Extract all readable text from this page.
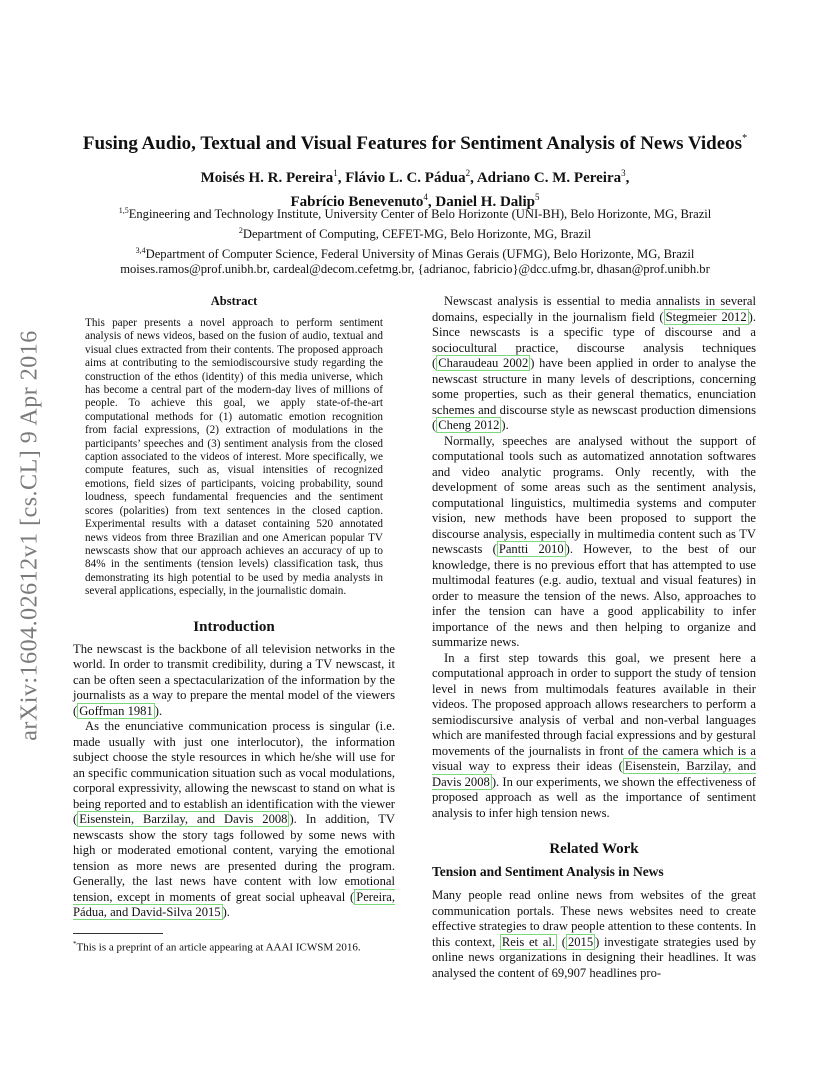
arXiv:1604.02612v1 [cs.CL] 9 Apr 2016
Fusing Audio, Textual and Visual Features for Sentiment Analysis of News Videos*
Moisés H. R. Pereira$^1$, Flávio L. C. Pádua$^2$, Adriano C. M. Pereira$^3$,
Fabrício Benevenuto$^4$, Daniel H. Dalip$^5$
$^{1,5}$Engineering and Technology Institute, University Center of Belo Horizonte (UNI-BH), Belo Horizonte, MG, Brazil
$^2$Department of Computing, CEFET-MG, Belo Horizonte, MG, Brazil
$^{3,4}$Department of Computer Science, Federal University of Minas Gerais (UFMG), Belo Horizonte, MG, Brazil
moises.ramos@prof.unibh.br, cardeal@decom.cefetmg.br, {adrianoc, fabricio}@dcc.ufmg.br, dhasan@prof.unibh.br
Abstract

This paper presents a novel approach to perform sentiment analysis of news videos, based on the fusion of audio, textual and visual clues extracted from their contents. The proposed approach aims at contributing to the semiodiscoursive study regarding the construction of the ethos (identity) of this media universe, which has become a central part of the modern-day lives of millions of people. To achieve this goal, we apply state-of-the-art computational methods for (1) automatic emotion recognition from facial expressions, (2) extraction of modulations in the participants’ speeches and (3) sentiment analysis from the closed caption associated to the videos of interest. More specifically, we compute features, such as, visual intensities of recognized emotions, field sizes of participants, voicing probability, sound loudness, speech fundamental frequencies and the sentiment scores (polarities) from text sentences in the closed caption. Experimental results with a dataset containing 520 annotated news videos from three Brazilian and one American popular TV newscasts show that our approach achieves an accuracy of up to 84% in the sentiments (tension levels) classification task, thus demonstrating its high potential to be used by media analysts in several applications, especially, in the journalistic domain.

Introduction

The newscast is the backbone of all television networks in the world. In order to transmit credibility, during a TV newscast, it can be often seen a spectacularization of the information by the journalists as a way to prepare the mental model of the viewers ( Goffman 1981 ).

As the enunciative communication process is singular (i.e. made usually with just one interlocutor), the information subject choose the style resources in which he/she will use for an specific communication situation such as vocal modulations, corporal expressivity, allowing the newscast to stand on what is being reported and to establish an identification with the viewer ( Eisenstein, Barzilay, and Davis 2008 ). In addition, TV newscasts show the story tags followed by some news with high or moderated emotional content, varying the emotional tension as more news are presented during the program. Generally, the last news have content with low emotional tension, except in moments of great social upheaval ( Pereira, Pádua, and David-Silva 2015 ).

*This is a preprint of an article appearing at AAAI ICWSM 2016.

Newscast analysis is essential to media annalists in several domains, especially in the journalism field ( Stegmeier 2012 ). Since newscasts is a specific type of discourse and a sociocultural practice, discourse analysis techniques ( Charaudeau 2002 ) have been applied in order to analyse the newscast structure in many levels of descriptions, concerning some properties, such as their general thematics, enunciation schemes and discourse style as newscast production dimensions ( Cheng 2012 ).

Normally, speeches are analysed without the support of computational tools such as automatized annotation softwares and video analytic programs. Only recently, with the development of some areas such as the sentiment analysis, computational linguistics, multimedia systems and computer vision, new methods have been proposed to support the discourse analysis, especially in multimedia content such as TV newscasts ( Pantti 2010 ). However, to the best of our knowledge, there is no previous effort that has attempted to use multimodal features (e.g. audio, textual and visual features) in order to measure the tension of the news. Also, approaches to infer the tension can have a good applicability to infer importance of the news and then helping to organize and summarize news.

In a first step towards this goal, we present here a computational approach in order to support the study of tension level in news from multimodals features available in their videos. The proposed approach allows researchers to perform a semiodiscursive analysis of verbal and non-verbal languages which are manifested through facial expressions and by gestural movements of the journalists in front of the camera which is a visual way to express their ideas ( Eisenstein, Barzilay, and Davis 2008 ). In our experiments, we shown the effectiveness of proposed approach as well as the importance of sentiment analysis to infer high tension news.

Related Work
Tension and Sentiment Analysis in News

Many people read online news from websites of the great communication portals. These news websites need to create effective strategies to draw people attention to these contents. In this context, Reis et al. ( 2015 ) investigate strategies used by online news organizations in designing their headlines. It was analysed the content of 69,907 headlines pro-
